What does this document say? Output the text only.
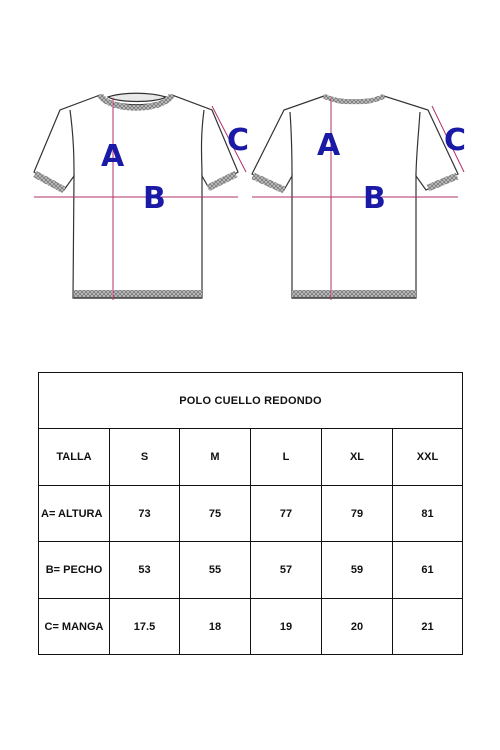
A
B
C A
B
C
POLO CUELLO REDONDO					
TALLA	S	M	L	XL	XXL
A= ALTURA	73	75	77	79	81
B= PECHO	53	55	57	59	61
C= MANGA	17.5	18	19	20	21
